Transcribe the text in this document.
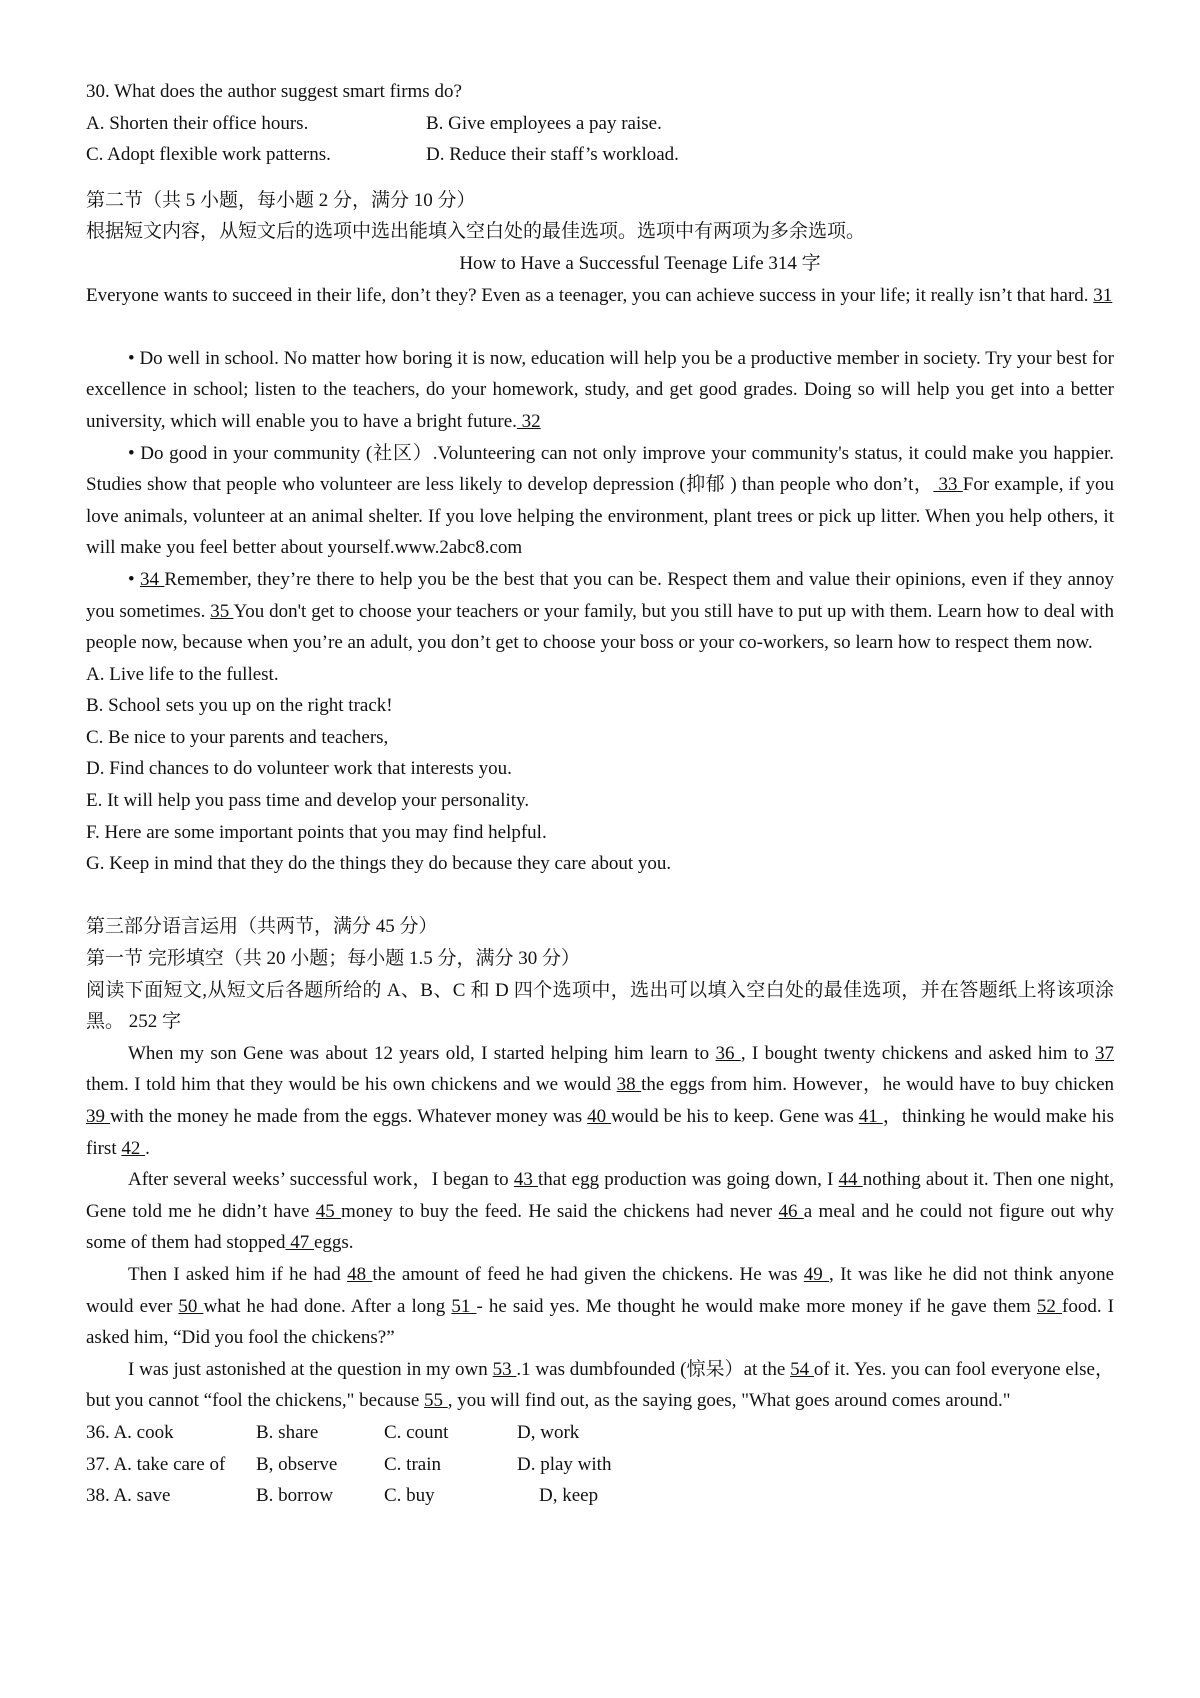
30. What does the author suggest smart firms do?
A. Shorten their office hours.	B. Give employees a pay raise.
C. Adopt flexible work patterns.	D. Reduce their staff’s workload.
第二节（共 5 小题，每小题 2 分，满分 10 分）
根据短文内容，从短文后的选项中选出能填入空白处的最佳选项。选项中有两项为多余选项。
How to Have a Successful Teenage Life 314 字
Everyone wants to succeed in their life, don’t they? Even as a teenager, you can achieve success in your life; it really isn’t that hard. 31
• Do well in school. No matter how boring it is now, education will help you be a productive member in society. Try your best for excellence in school; listen to the teachers, do your homework, study, and get good grades. Doing so will help you get into a better university, which will enable you to have a bright future. 32
• Do good in your community (社区）.Volunteering can not only improve your community's status, it could make you happier. Studies show that people who volunteer are less likely to develop depression (抑郁 ) than people who don’t， 33 For example, if you love animals, volunteer at an animal shelter. If you love helping the environment, plant trees or pick up litter. When you help others, it will make you feel better about yourself.www.2abc8.com
• 34 Remember, they’re there to help you be the best that you can be. Respect them and value their opinions, even if they annoy you sometimes. 35 You don't get to choose your teachers or your family, but you still have to put up with them. Learn how to deal with people now, because when you’re an adult, you don’t get to choose your boss or your co-workers, so learn how to respect them now.
A. Live life to the fullest.
B. School sets you up on the right track!
C. Be nice to your parents and teachers,
D. Find chances to do volunteer work that interests you.
E. It will help you pass time and develop your personality.
F. Here are some important points that you may find helpful.
G. Keep in mind that they do the things they do because they care about you.
第三部分语言运用（共两节，满分 45 分）
第一节 完形填空（共 20 小题；每小题 1.5 分，满分 30 分）
阅读下面短文,从短文后各题所给的 A、B、C 和 D 四个选项中，选出可以填入空白处的最佳选项，并在答题纸上将该项涂黑。 252 字
When my son Gene was about 12 years old, I started helping him learn to 36 , I bought twenty chickens and asked him to 37 them. I told him that they would be his own chickens and we would 38 the eggs from him. However，he would have to buy chicken 39 with the money he made from the eggs. Whatever money was 40 would be his to keep. Gene was 41 ，thinking he would make his first 42 .
After several weeks’ successful work，I began to 43 that egg production was going down, I 44 nothing about it. Then one night, Gene told me he didn’t have 45 money to buy the feed. He said the chickens had never 46 a meal and he could not figure out why some of them had stopped 47 eggs.
Then I asked him if he had 48 the amount of feed he had given the chickens. He was 49 , It was like he did not think anyone would ever 50 what he had done. After a long 51 - he said yes. Me thought he would make more money if he gave them 52 food. I asked him, “Did you fool the chickens?”
I was just astonished at the question in my own 53 .1 was dumbfounded (惊呆）at the 54 of it. Yes. you can fool everyone else，but you cannot “fool the chickens," because 55 , you will find out, as the saying goes, "What goes around comes around."
36. A. cook	B. share	C. count	D, work
37. A. take care of	B, observe	C. train	D. play with
38. A. save	B. borrow	C. buy	D, keep
